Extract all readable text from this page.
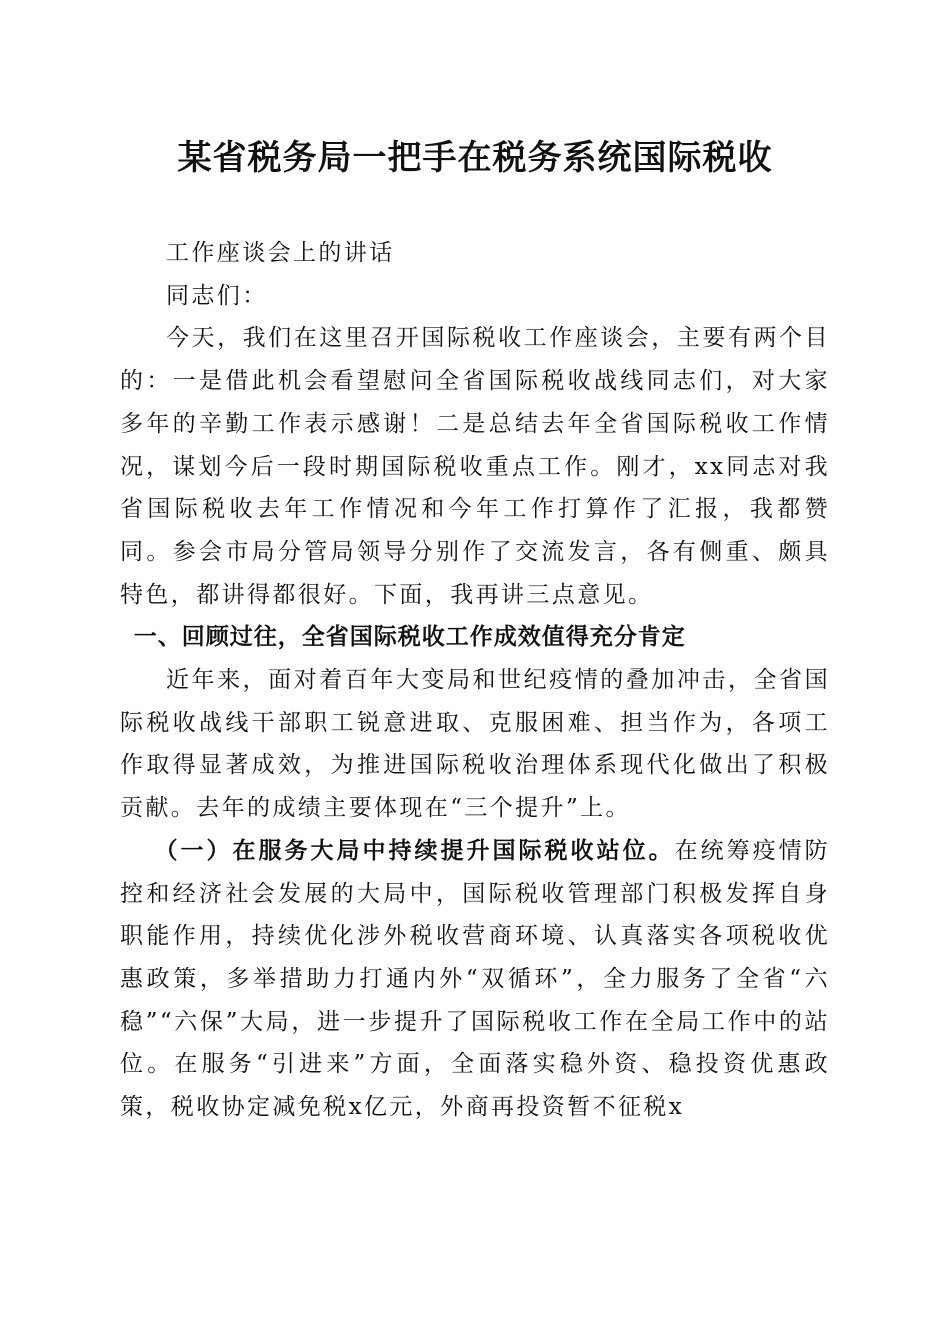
某省税务局一把手在税务系统国际税收

工作座谈会上的讲话

同志们：

今天，我们在这里召开国际税收工作座谈会，主要有两个目的：一是借此机会看望慰问全省国际税收战线同志们，对大家多年的辛勤工作表示感谢！二是总结去年全省国际税收工作情况，谋划今后一段时期国际税收重点工作。刚才，xx同志对我省国际税收去年工作情况和今年工作打算作了汇报，我都赞同。参会市局分管局领导分别作了交流发言，各有侧重、颇具特色，都讲得都很好。下面，我再讲三点意见。

一、回顾过往，全省国际税收工作成效值得充分肯定

近年来，面对着百年大变局和世纪疫情的叠加冲击，全省国际税收战线干部职工锐意进取、克服困难、担当作为，各项工作取得显著成效，为推进国际税收治理体系现代化做出了积极贡献。去年的成绩主要体现在“三个提升”上。

（一）在服务大局中持续提升国际税收站位。在统筹疫情防控和经济社会发展的大局中，国际税收管理部门积极发挥自身职能作用，持续优化涉外税收营商环境、认真落实各项税收优惠政策，多举措助力打通内外“双循环”，全力服务了全省“六稳”“六保”大局，进一步提升了国际税收工作在全局工作中的站位。在服务“引进来”方面，全面落实稳外资、稳投资优惠政策，税收协定减免税x亿元，外商再投资暂不征税x
